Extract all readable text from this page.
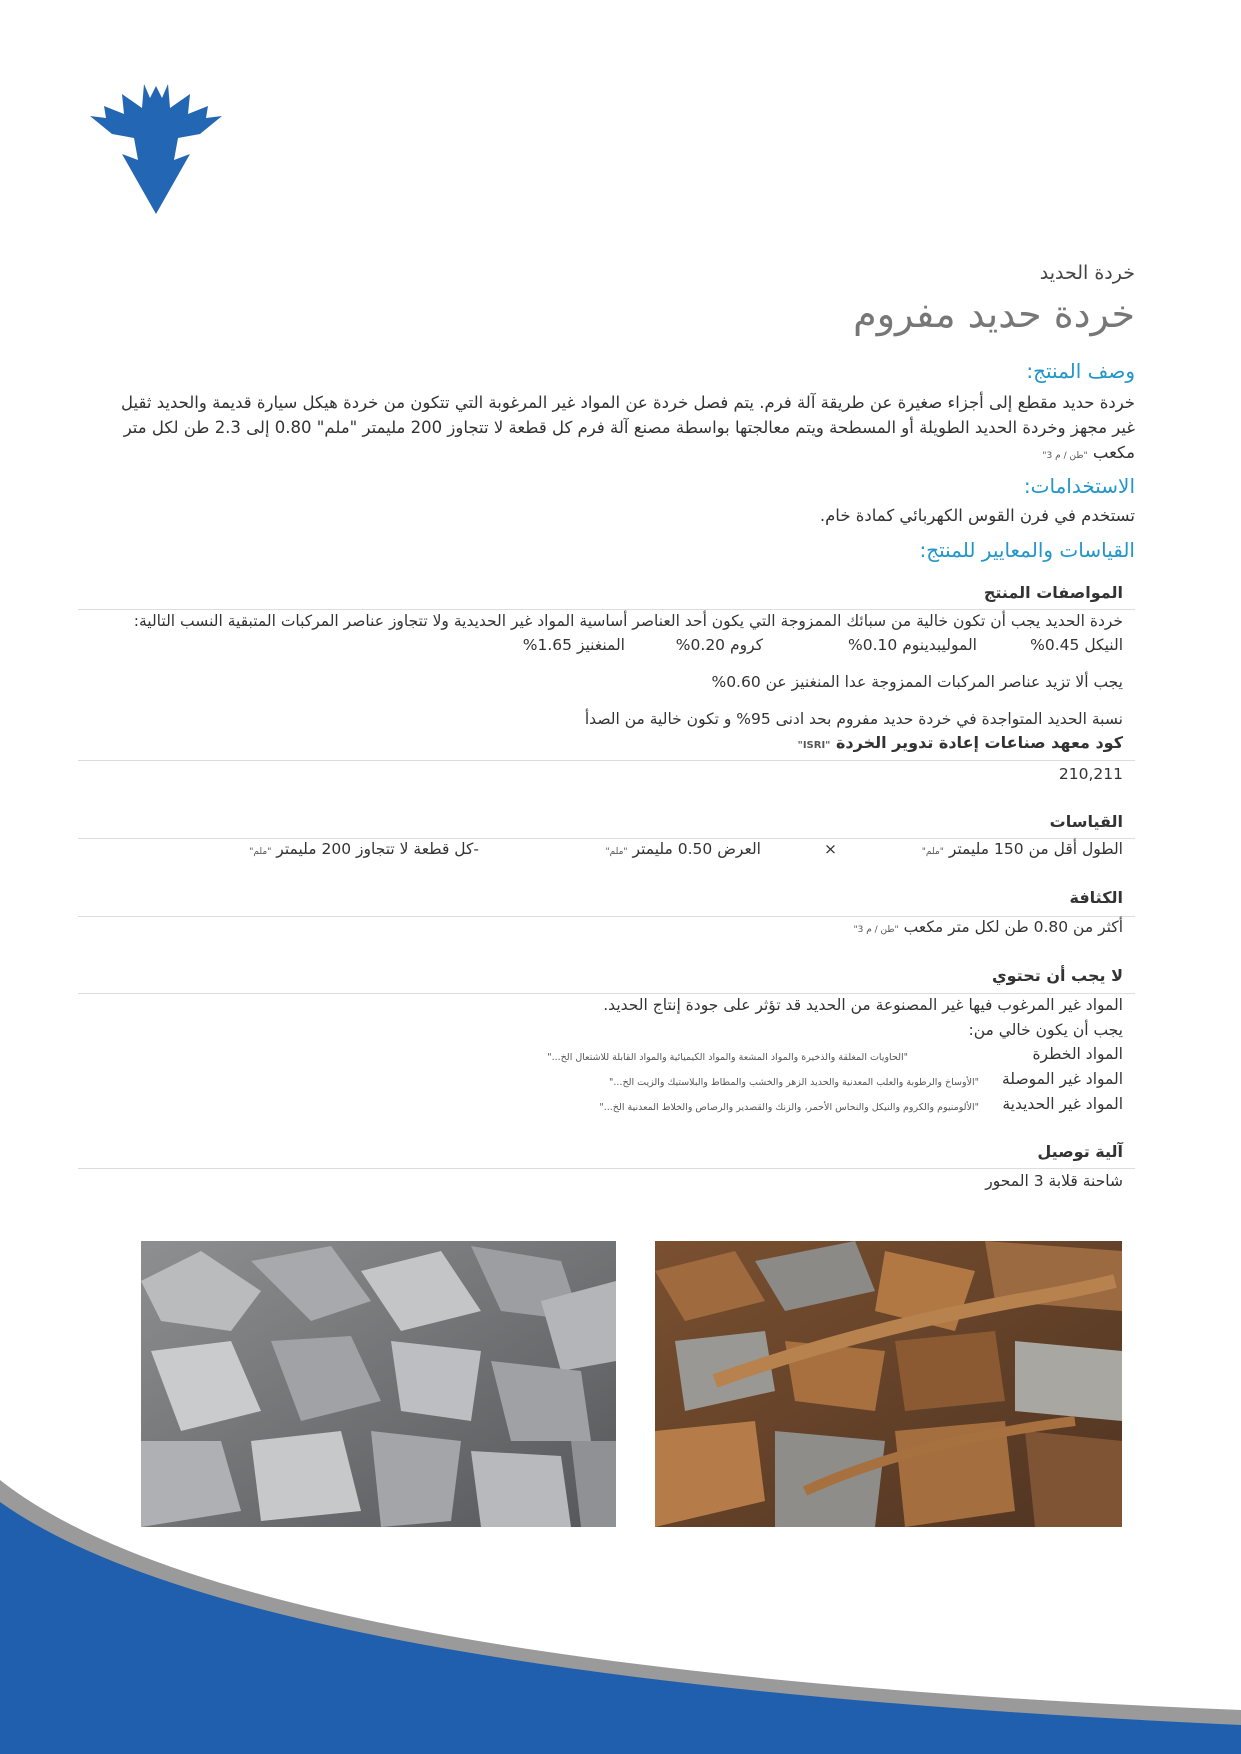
خردة الحديد
خردة حديد مفروم
وصف المنتج:
خردة حديد مقطع إلى أجزاء صغيرة عن طريقة آلة فرم. يتم فصل خردة عن المواد غير المرغوبة التي تتكون من خردة هيكل سيارة قديمة والحديد ثقيل غير مجهز وخردة الحديد الطويلة أو المسطحة ويتم معالجتها بواسطة مصنع آلة فرم كل قطعة لا تتجاوز 200 مليمتر "ملم" 0.80 إلى 2.3 طن لكل متر مكعب "طن / م 3"
الاستخدامات:
تستخدم في فرن القوس الكهربائي كمادة خام.
القياسات والمعايير للمنتج:
المواصفات المنتج
خردة الحديد يجب أن تكون خالية من سبائك الممزوجة التي يكون أحد العناصر أساسية المواد غير الحديدية ولا تتجاوز عناصر المركبات المتبقية النسب التالية:
النيكل 0.45%
الموليبدينوم 0.10%
كروم 0.20%
المنغنيز 1.65%
يجب ألا تزيد عناصر المركبات الممزوجة عدا المنغنيز عن 0.60%
نسبة الحديد المتواجدة في خردة حديد مفروم بحد ادنى 95% و تكون خالية من الصدأ
كود معهد صناعات إعادة تدوير الخردة "ISRI"
210,211
القياسات
الطول أقل من 150 مليمتر "ملم"
×
العرض 0.50 مليمتر "ملم"
-كل قطعة لا تتجاوز 200 مليمتر "ملم"
الكثافة
أكثر من 0.80 طن لكل متر مكعب "طن / م 3"
لا يجب أن تحتوي
المواد غير المرغوب فيها غير المصنوعة من الحديد قد تؤثر على جودة إنتاج الحديد.
يجب أن يكون خالي من:
المواد الخطرة
"الحاويات المغلقة والذخيرة والمواد المشعة والمواد الكيميائية والمواد القابلة للاشتعال الخ..."
المواد غير الموصلة
"الأوساخ والرطوبة والعلب المعدنية والحديد الزهر والخشب والمطاط والبلاستيك والزيت الخ..."
المواد غير الحديدية
"الألومنيوم والكروم والنيكل والنحاس الأحمر، والزنك والقصدير والرصاص والخلاط المعدنية الخ..."
آلية توصيل
شاحنة قلابة 3 المحور
